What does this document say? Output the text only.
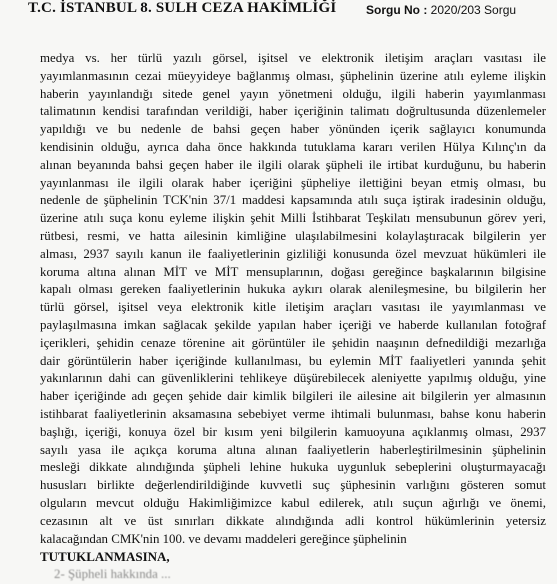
T.C. İSTANBUL 8. SULH CEZA HAKİMLİĞİ Sorgu No : 2020/203 Sorgu
medya vs. her türlü yazılı görsel, işitsel ve elektronik iletişim araçları vasıtası ile
yayımlanmasının cezai müeyyideye bağlanmış olması, şüphelinin üzerine atılı eyleme ilişkin
haberin yayınlandığı sitede genel yayın yönetmeni olduğu, ilgili haberin yayımlanması
talimatının kendisi tarafından verildiği, haber içeriğinin talimatı doğrultusunda düzenlemeler
yapıldığı ve bu nedenle de bahsi geçen haber yönünden içerik sağlayıcı konumunda
kendisinin olduğu, ayrıca daha önce hakkında tutuklama kararı verilen Hülya Kılınç'ın da
alınan beyanında bahsi geçen haber ile ilgili olarak şüpheli ile irtibat kurduğunu, bu haberin
yayınlanması ile ilgili olarak haber içeriğini şüpheliye ilettiğini beyan etmiş olması, bu
nedenle de şüphelinin TCK'nin 37/1 maddesi kapsamında atılı suça iştirak iradesinin olduğu,
üzerine atılı suça konu eyleme ilişkin şehit Milli İstihbarat Teşkilatı mensubunun görev yeri,
rütbesi, resmi, ve hatta ailesinin kimliğine ulaşılabilmesini kolaylaştıracak bilgilerin yer
alması, 2937 sayılı kanun ile faaliyetlerinin gizliliği konusunda özel mevzuat hükümleri ile
koruma altına alınan MİT ve MİT mensuplarının, doğası gereğince başkalarının bilgisine
kapalı olması gereken faaliyetlerinin hukuka aykırı olarak alenileşmesine, bu bilgilerin her
türlü görsel, işitsel veya elektronik kitle iletişim araçları vasıtası ile yayımlanması ve
paylaşılmasına imkan sağlacak şekilde yapılan haber içeriği ve haberde kullanılan fotoğraf
içerikleri, şehidin cenaze törenine ait görüntüler ile şehidin naaşının defnedildiği mezarlığa
dair görüntülerin haber içeriğinde kullanılması, bu eylemin MİT faaliyetleri yanında şehit
yakınlarının dahi can güvenliklerini tehlikeye düşürebilecek aleniyette yapılmış olduğu, yine
haber içeriğinde adı geçen şehide dair kimlik bilgileri ile ailesine ait bilgilerin yer almasının
istihbarat faaliyetlerinin aksamasına sebebiyet verme ihtimali bulunması, bahse konu haberin
başlığı, içeriği, konuya özel bir kısım yeni bilgilerin kamuoyuna açıklanmış olması, 2937
sayılı yasa ile açıkça koruma altına alınan faaliyetlerin haberleştirilmesinin şüphelinin
mesleği dikkate alındığında şüpheli lehine hukuka uygunluk sebeplerini oluşturmayacağı
hususları birlikte değerlendirildiğinde kuvvetli suç şüphesinin varlığını gösteren somut
olguların mevcut olduğu Hakimliğimizce kabul edilerek, atılı suçun ağırlığı ve önemi,
cezasının alt ve üst sınırları dikkate alındığında adli kontrol hükümlerinin yetersiz
kalacağından CMK'nin 100. ve devamı maddeleri gereğince şüphelinin
TUTUKLANMASINA,
2- Şüpheli hakkında ...
